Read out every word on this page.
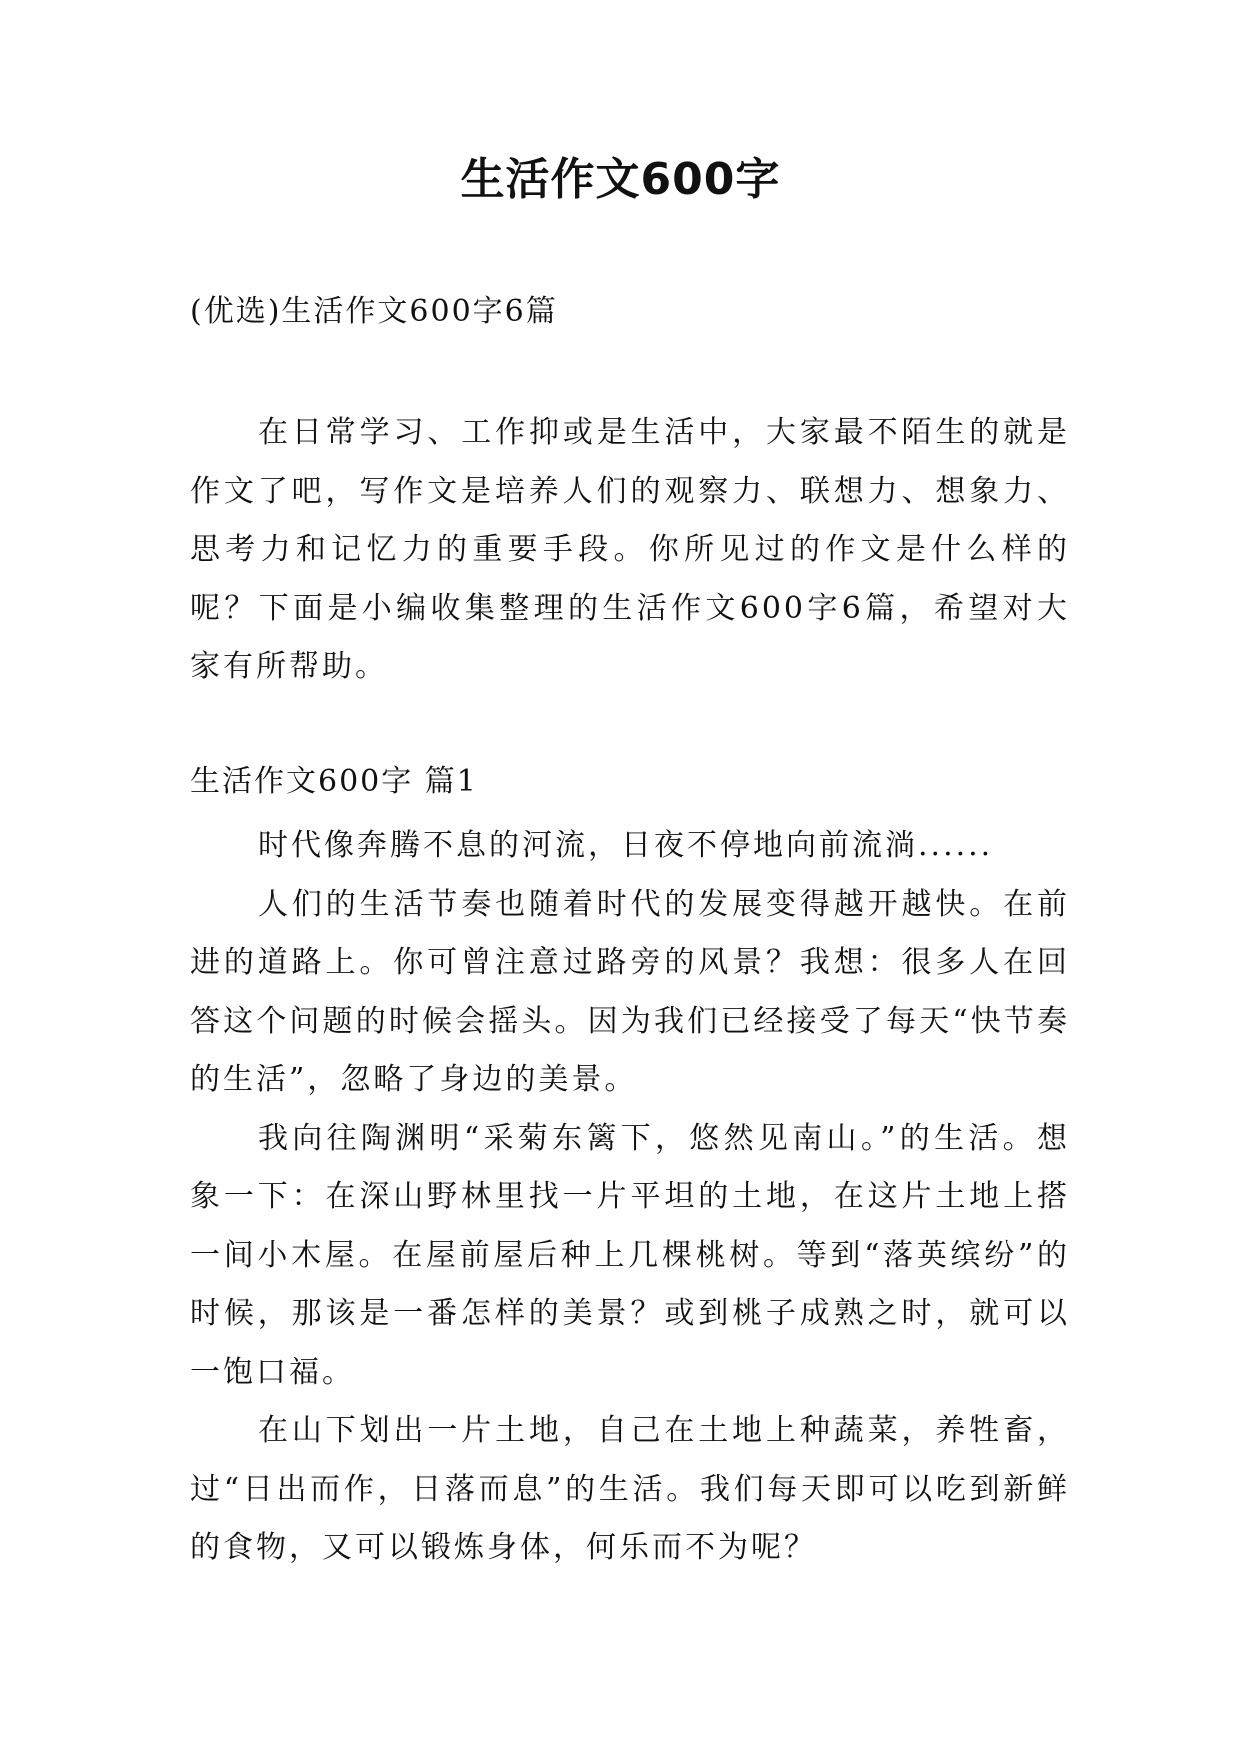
生活作文600字
(优选)生活作文600字6篇

在日常学习、工作抑或是生活中，大家最不陌生的就是作文了吧，写作文是培养人们的观察力、联想力、想象力、思考力和记忆力的重要手段。你所见过的作文是什么样的呢？下面是小编收集整理的生活作文600字6篇，希望对大家有所帮助。

生活作文600字 篇1

时代像奔腾不息的河流，日夜不停地向前流淌......

人们的生活节奏也随着时代的发展变得越开越快。在前进的道路上。你可曾注意过路旁的风景？我想：很多人在回答这个问题的时候会摇头。因为我们已经接受了每天“快节奏的生活”，忽略了身边的美景。

我向往陶渊明“采菊东篱下，悠然见南山。”的生活。想象一下：在深山野林里找一片平坦的土地，在这片土地上搭一间小木屋。在屋前屋后种上几棵桃树。等到“落英缤纷”的时候，那该是一番怎样的美景？或到桃子成熟之时，就可以一饱口福。

在山下划出一片土地，自己在土地上种蔬菜，养牲畜，过“日出而作，日落而息”的生活。我们每天即可以吃到新鲜的食物，又可以锻炼身体，何乐而不为呢？
